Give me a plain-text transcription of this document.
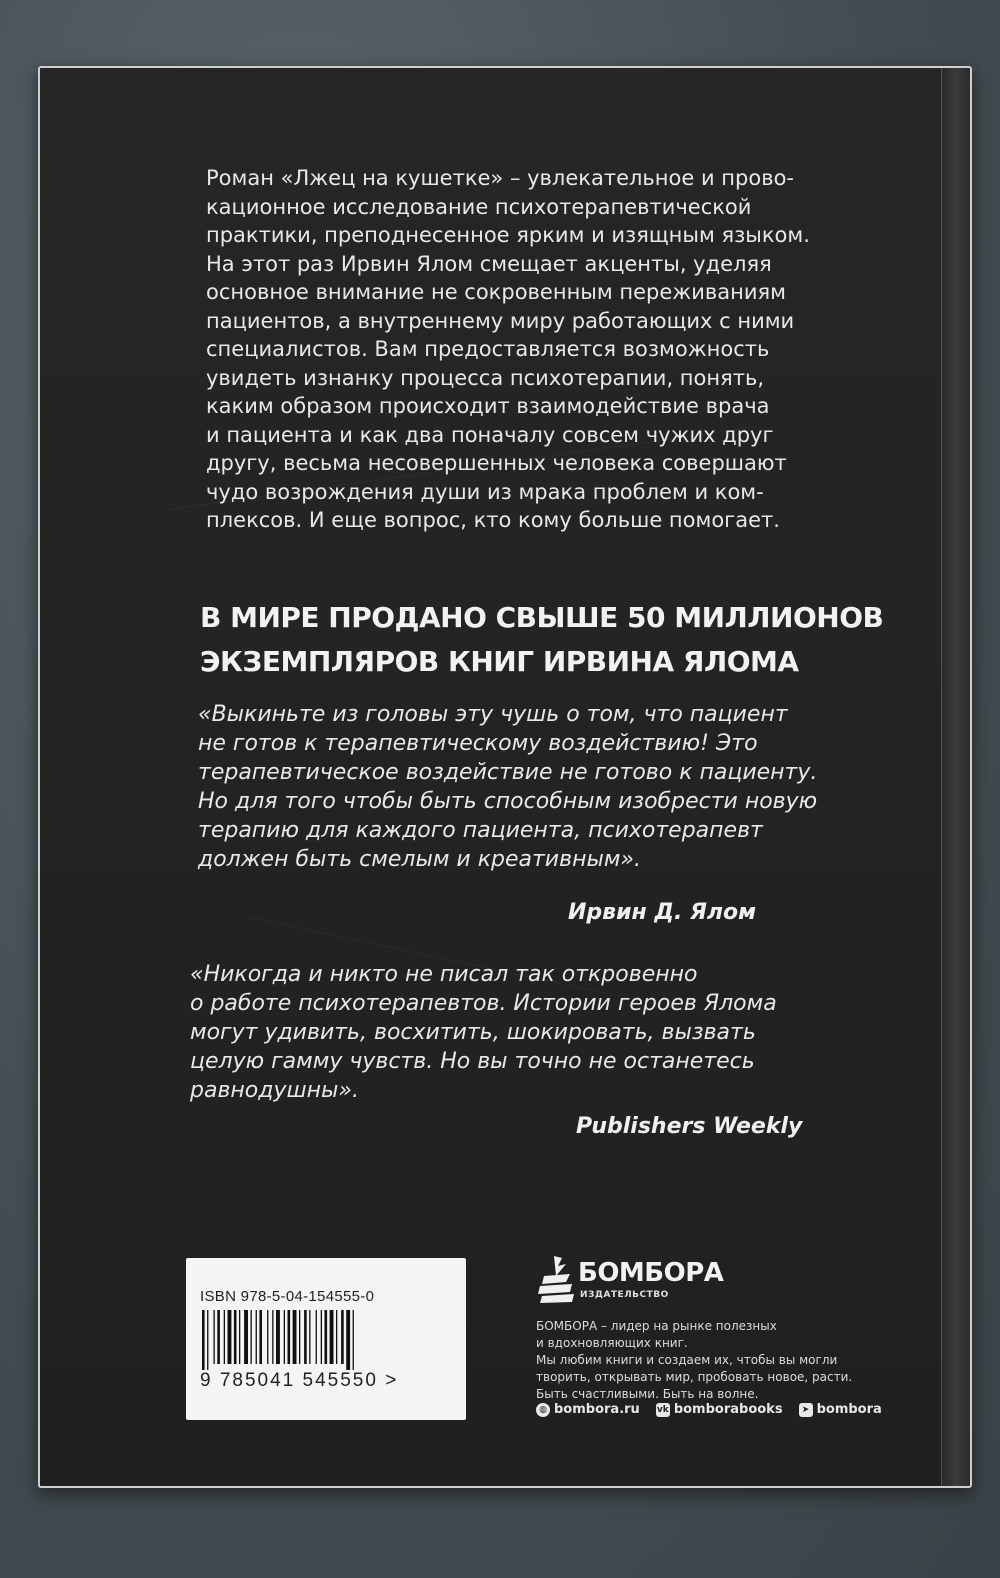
Роман «Лжец на кушетке» – увлекательное и прово-
кационное исследование психотерапевтической
практики, преподнесенное ярким и изящным языком.
На этот раз Ирвин Ялом смещает акценты, уделяя
основное внимание не сокровенным переживаниям
пациентов, а внутреннему миру работающих с ними
специалистов. Вам предоставляется возможность
увидеть изнанку процесса психотерапии, понять,
каким образом происходит взаимодействие врача
и пациента и как два поначалу совсем чужих друг
другу, весьма несовершенных человека совершают
чудо возрождения души из мрака проблем и ком-
плексов. И еще вопрос, кто кому больше помогает.
В МИРЕ ПРОДАНО СВЫШЕ 50 МИЛЛИОНОВ
ЭКЗЕМПЛЯРОВ КНИГ ИРВИНА ЯЛОМА
«Выкиньте из головы эту чушь о том, что пациент
не готов к терапевтическому воздействию! Это
терапевтическое воздействие не готово к пациенту.
Но для того чтобы быть способным изобрести новую
терапию для каждого пациента, психотерапевт
должен быть смелым и креативным».
Ирвин Д. Ялом
«Никогда и никто не писал так откровенно
о работе психотерапевтов. Истории героев Ялома
могут удивить, восхитить, шокировать, вызвать
целую гамму чувств. Но вы точно не останетесь
равнодушны».
Publishers Weekly
ISBN 978-5-04-154555-0
9 785041 545550 >
БОМБОРА
ИЗДАТЕЛЬСТВО
БОМБОРА – лидер на рынке полезных
и вдохновляющих книг.
Мы любим книги и создаем их, чтобы вы могли
творить, открывать мир, пробовать новое, расти.
Быть счастливыми. Быть на волне.
◍ bombora.ru vk bomborabooks	➤ bombora
